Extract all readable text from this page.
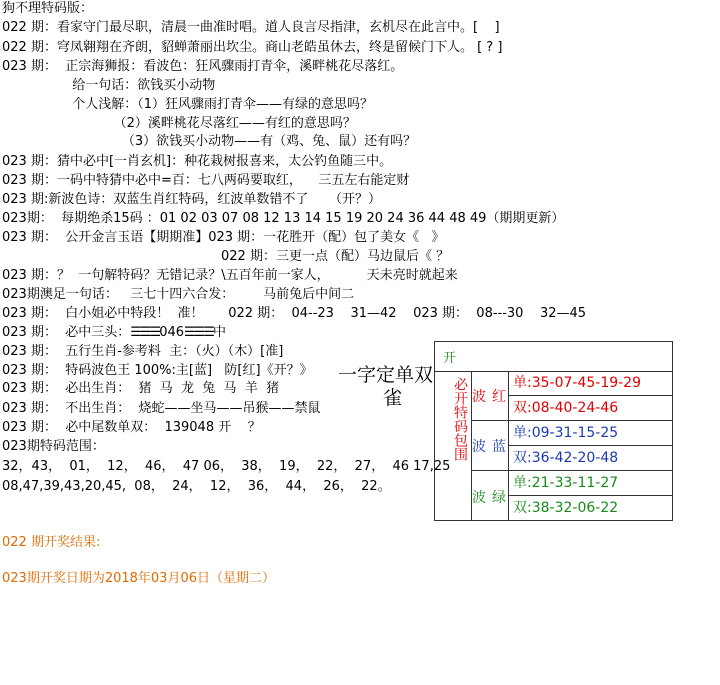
狗不理特码版：
022 期：看家守门最尽职，清晨一曲准时唱。道人良言尽指津，玄机尽在此言中。[    ]
022 期：穹凤翱翔在齐朗，貂蝉萧丽出坎尘。商山老皓虽休去，终是留候门下人。 [ ? ]
023 期：  正宗海狮报：看波色：狂风骤雨打青伞，溪畔桃花尽落红。
给一句话：欲钱买小动物
个人浅解：（1）狂风骤雨打青伞——有绿的意思吗？
（2）溪畔桃花尽落红——有红的意思吗？
（3）欲钱买小动物——有（鸡、兔、鼠）还有吗？
023 期：猜中必中[一肖玄机]：种花栽树报喜来，太公钓鱼随三中。
023 期：一码中特猜中必中=百：七八两码要取红，    三五左右能定财
023 期:新波色诗：双蓝生肖红特码，红波单数错不了     （开？）
023期：  每期绝杀15码 ：01 02 03 07 08 12 13 14 15 19 20 24 36 44 48 49（期期更新）
023 期：  公开金言玉语【期期准】023 期：一花胜开（配）包了美女《   》
022 期：三更一点（配）马边鼠后《 ？
023 期：？  一句解特码？无错记录？\五百年前一家人，         天未亮时就起来
023期澳足一句话：   三七十四六合发：       马前兔后中间二
023 期：  白小姐必中特段！  准！      022 期：  04--23    31—42    023 期：  08---30    32—45
023 期：  必中三头：☰☰☰046☰☰☰中
023 期：  五行生肖-参考料  主：（火）（木）[准]
023 期：  特码波色王 100%:主[蓝]   防[红]《开？》
023 期：  必出生肖：  猪  马  龙  兔  马  羊  猪
023 期：  不出生肖：  烧蛇——坐马——吊猴——禁鼠
023 期：  必中尾数单双：  139048 开    ？
023期特码范围：
32，43，  01，  12，  46，  47 06，  38，  19，  22，  27，  46 17,25
08,47,39,43,20,45,  08，  24，  12，  36，  44，  26，  22。
一字定单双
雀
022 期开奖结果:
023期开奖日期为2018年03月06日（星期二）
开
必开特码包围	红波
单:35-07-45-19-29
双:08-40-24-46
蓝波
单:09-31-15-25
双:36-42-20-48
绿波
单:21-33-11-27
双:38-32-06-22
